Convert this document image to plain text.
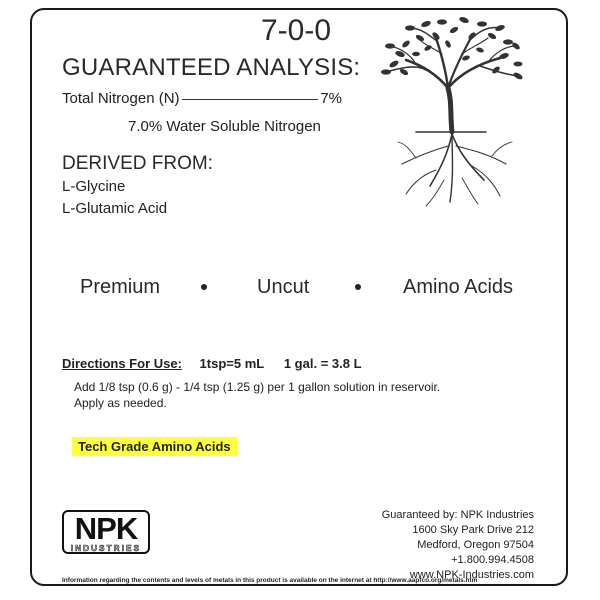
7-0-0
GUARANTEED ANALYSIS:
Total Nitrogen (N)	7%
7.0% Water Soluble Nitrogen
DERIVED FROM:
L-Glycine
L-Glutamic Acid
Premium	Uncut	Amino Acids
Directions For Use: 1tsp=5 mL 1 gal. = 3.8 L
Add 1/8 tsp (0.6 g) - 1/4 tsp (1.25 g) per 1 gallon solution in reservoir.
Apply as needed.
Tech Grade Amino Acids
NPK
INDUSTRIES
Guaranteed by: NPK Industries
1600 Sky Park Drive 212
Medford, Oregon 97504
+1.800.994.4508
www.NPK-Industries.com
Information regarding the contents and levels of metals in this product is available on the internet at http://www.aapfco.org/metals.htm
